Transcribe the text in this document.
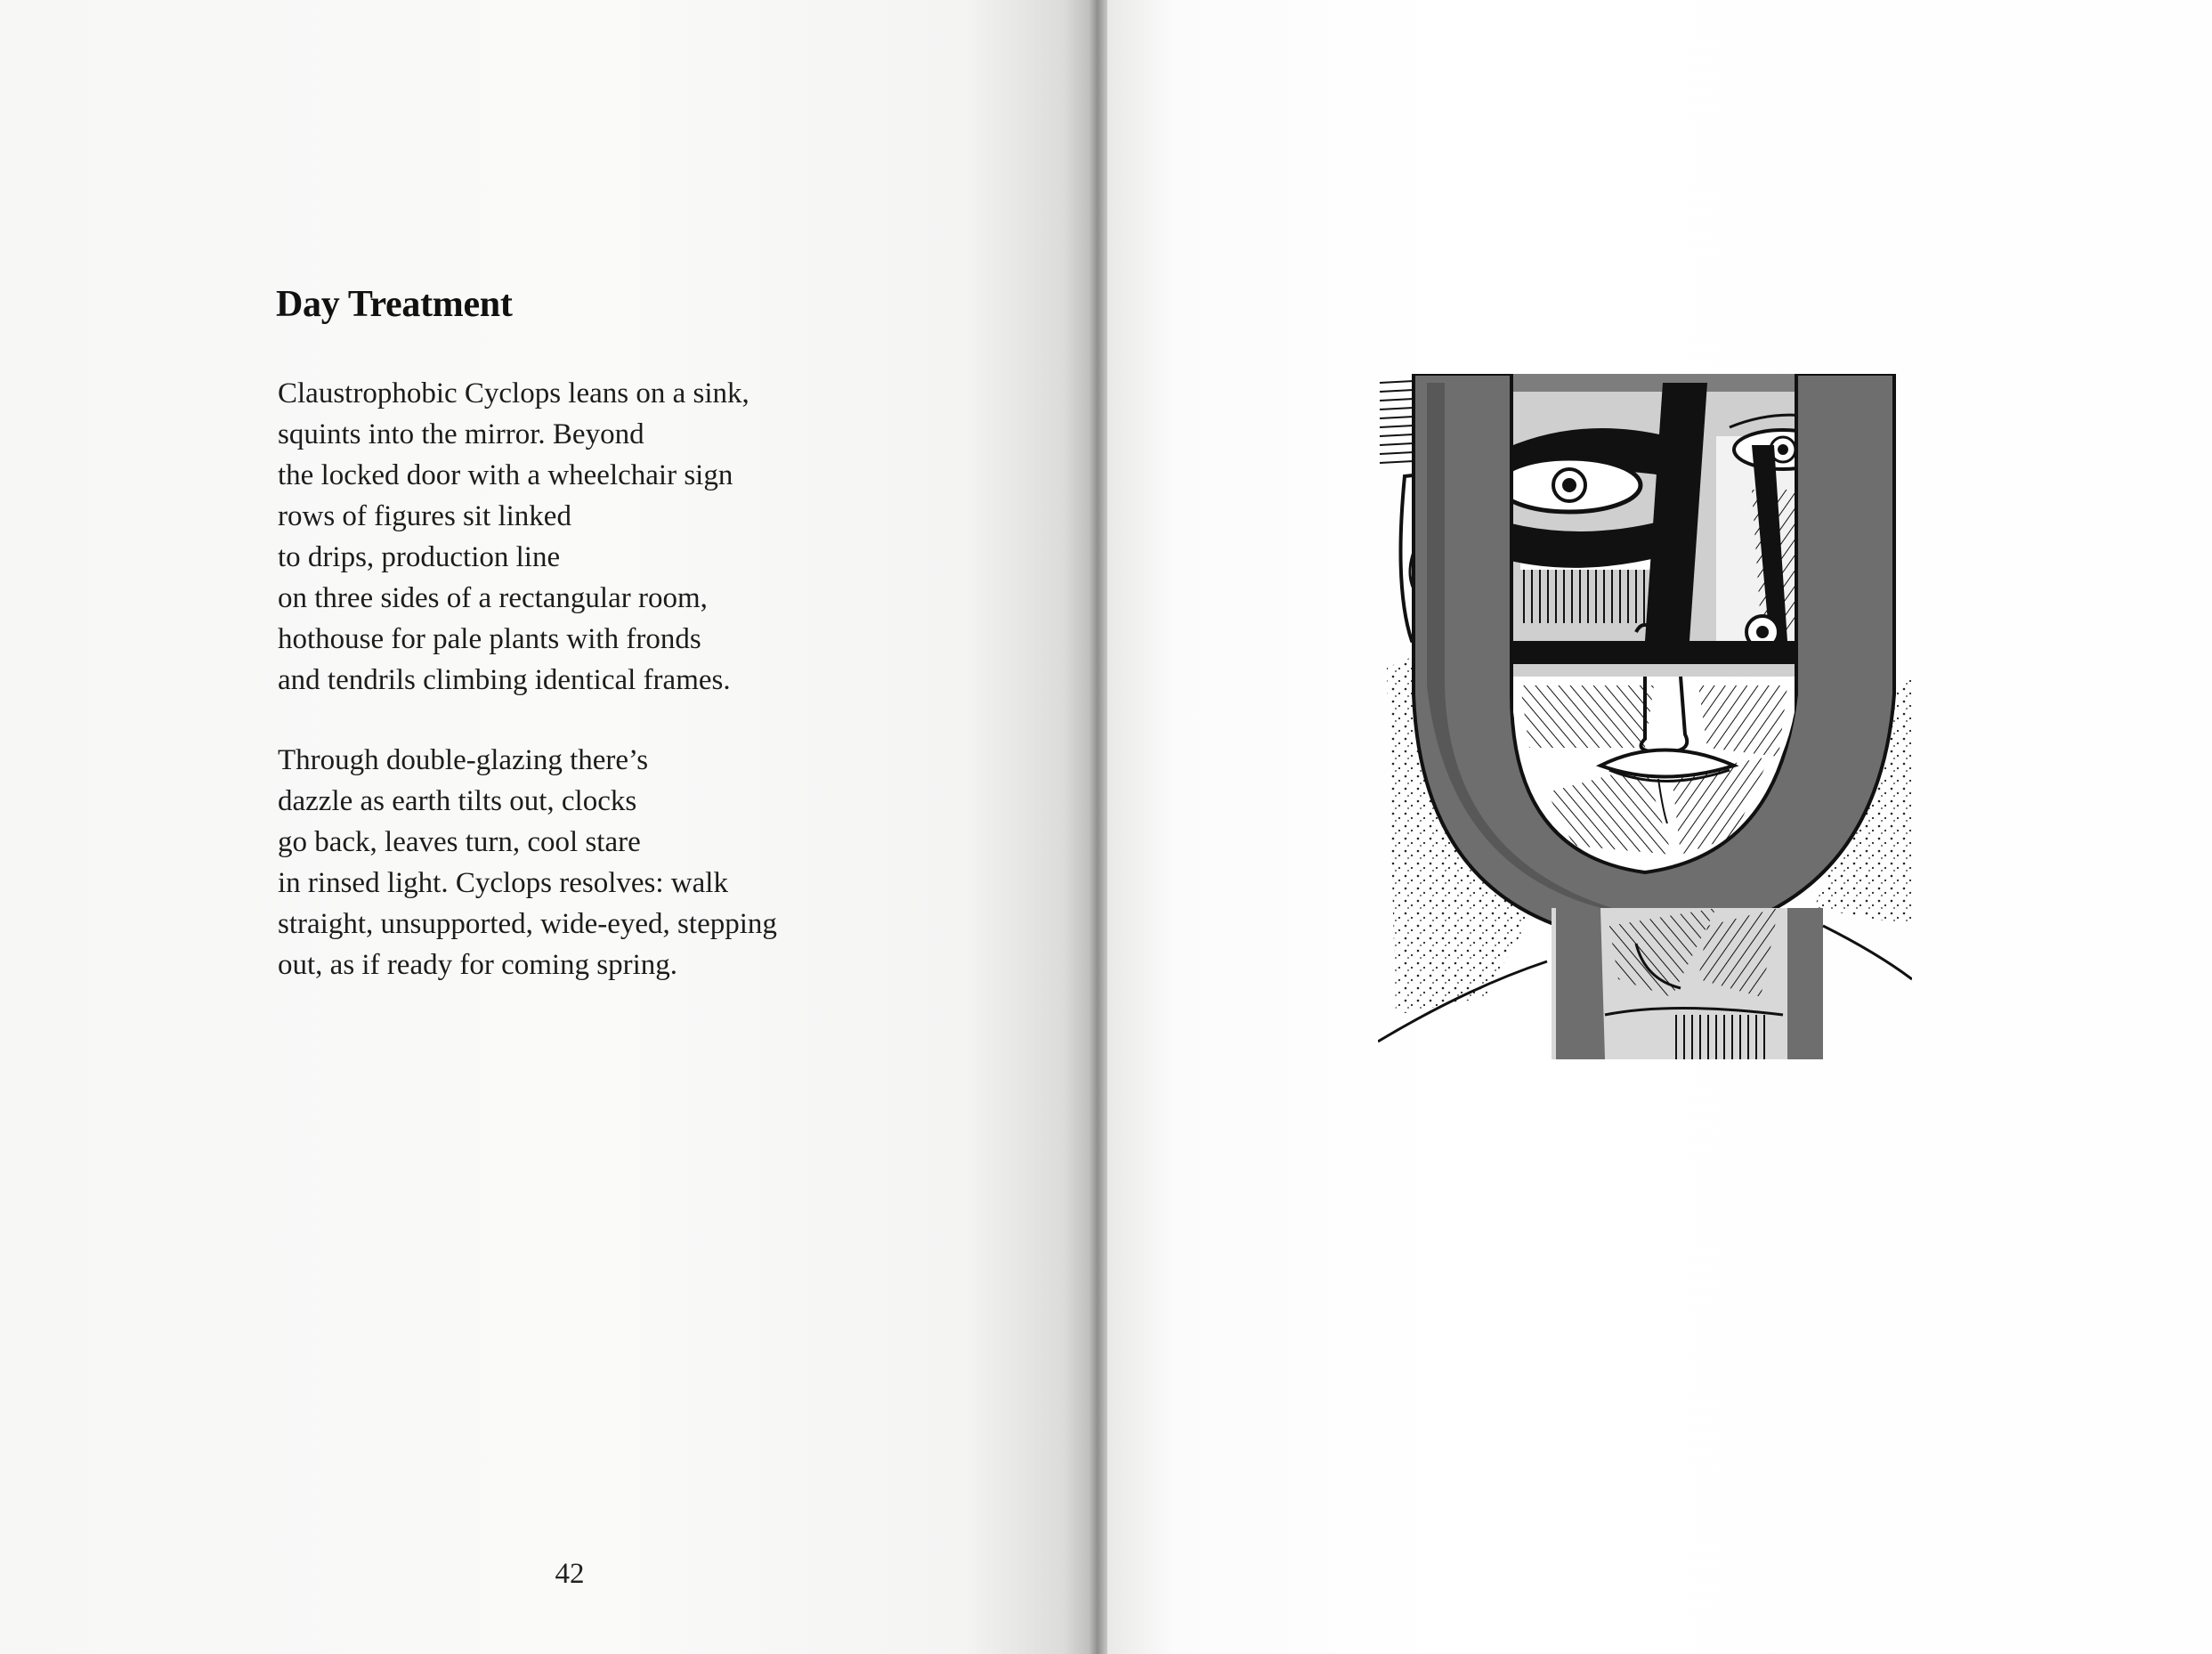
Day Treatment
Claustrophobic Cyclops leans on a sink,
squints into the mirror. Beyond
the locked door with a wheelchair sign
rows of figures sit linked
to drips, production line
on three sides of a rectangular room,
hothouse for pale plants with fronds
and tendrils climbing identical frames.
Through double-glazing there’s
dazzle as earth tilts out, clocks
go back, leaves turn, cool stare
in rinsed light. Cyclops resolves: walk
straight, unsupported, wide-eyed, stepping
out, as if ready for coming spring.
42
